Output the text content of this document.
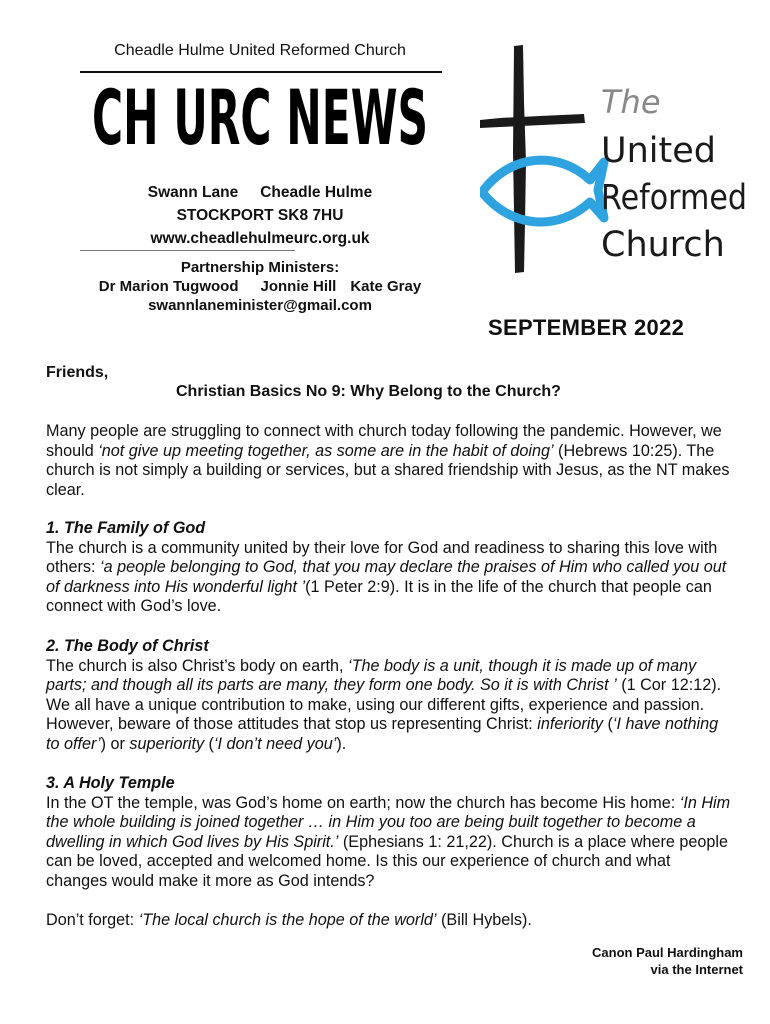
Cheadle Hulme United Reformed Church
CH URC NEWS
Swann Lane Cheadle Hulme
STOCKPORT SK8 7HU
www.cheadlehulmeurc.org.uk
Partnership Ministers:
Dr Marion Tugwood Jonnie Hill Kate Gray
swannlaneminister@gmail.com
The
United
Reformed
Church
SEPTEMBER 2022
Friends,
Christian Basics No 9: Why Belong to the Church?

Many people are struggling to connect with church today following the pandemic. However, we should ‘not give up meeting together, as some are in the habit of doing’ (Hebrews 10:25). The church is not simply a building or services, but a shared friendship with Jesus, as the NT makes clear.

1. The Family of God
The church is a community united by their love for God and readiness to sharing this love with others: ‘a people belonging to God, that you may declare the praises of Him who called you out of darkness into His wonderful light ’(1 Peter 2:9). It is in the life of the church that people can connect with God’s love.

2. The Body of Christ
The church is also Christ’s body on earth, ‘The body is a unit, though it is made up of many parts; and though all its parts are many, they form one body. So it is with Christ ’ (1 Cor 12:12). We all have a unique contribution to make, using our different gifts, experience and passion. However, beware of those attitudes that stop us representing Christ: inferiority (‘I have nothing to offer’) or superiority (‘I don’t need you’).

3. A Holy Temple
In the OT the temple, was God’s home on earth; now the church has become His home: ‘In Him the whole building is joined together … in Him you too are being built together to become a dwelling in which God lives by His Spirit.’ (Ephesians 1: 21,22). Church is a place where people can be loved, accepted and welcomed home. Is this our experience of church and what changes would make it more as God intends?

Don’t forget: ‘The local church is the hope of the world’ (Bill Hybels).

Canon Paul Hardingham
via the Internet
